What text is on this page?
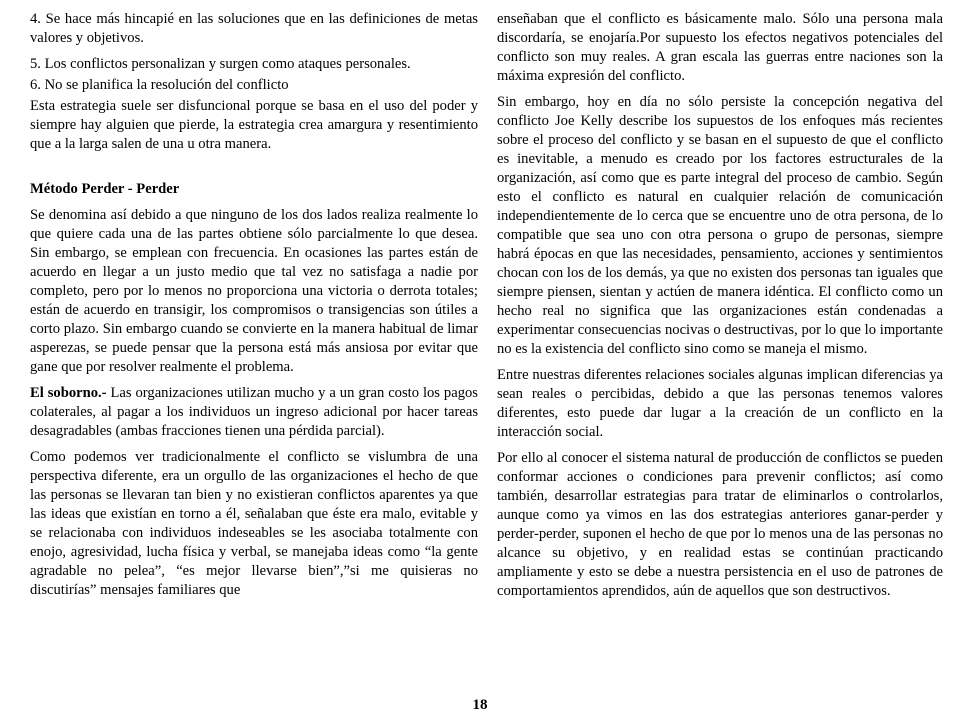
4. Se hace más hincapié en las soluciones que en las definiciones de metas valores y objetivos.

5. Los conflictos personalizan y surgen como ataques personales.

6. No se planifica la resolución del conflicto

Esta estrategia suele ser disfuncional porque se basa en el uso del poder y siempre hay alguien que pierde, la estrategia crea amargura y resentimiento que a la larga salen de una u otra manera.

Método Perder - Perder

Se denomina así debido a que ninguno de los dos lados realiza realmente lo que quiere cada una de las partes obtiene sólo parcialmente lo que desea. Sin embargo, se emplean con frecuencia. En ocasiones las partes están de acuerdo en llegar a un justo medio que tal vez no satisfaga a nadie por completo, pero por lo menos no proporciona una victoria o derrota totales; están de acuerdo en transigir, los compromisos o transigencias son útiles a corto plazo. Sin embargo cuando se convierte en la manera habitual de limar asperezas, se puede pensar que la persona está más ansiosa por evitar que gane que por resolver realmente el problema.

El soborno.- Las organizaciones utilizan mucho y a un gran costo los pagos colaterales, al pagar a los individuos un ingreso adicional por hacer tareas desagradables (ambas fracciones tienen una pérdida parcial).

Como podemos ver tradicionalmente el conflicto se vislumbra de una perspectiva diferente, era un orgullo de las organizaciones el hecho de que las personas se llevaran tan bien y no existieran conflictos aparentes ya que las ideas que existían en torno a él, señalaban que éste era malo, evitable y se relacionaba con individuos indeseables se les asociaba totalmente con enojo, agresividad, lucha física y verbal, se manejaba ideas como “la gente agradable no pelea”, “es mejor llevarse bien”,”si me quisieras no discutirías” mensajes familiares que

enseñaban que el conflicto es básicamente malo. Sólo una persona mala discordaría, se enojaría.Por supuesto los efectos negativos potenciales del conflicto son muy reales. A gran escala las guerras entre naciones son la máxima expresión del conflicto.

Sin embargo, hoy en día no sólo persiste la concepción negativa del conflicto Joe Kelly describe los supuestos de los enfoques más recientes sobre el proceso del conflicto y se basan en el supuesto de que el conflicto es inevitable, a menudo es creado por los factores estructurales de la organización, así como que es parte integral del proceso de cambio. Según esto el conflicto es natural en cualquier relación de comunicación independientemente de lo cerca que se encuentre uno de otra persona, de lo compatible que sea uno con otra persona o grupo de personas, siempre habrá épocas en que las necesidades, pensamiento, acciones y sentimientos chocan con los de los demás, ya que no existen dos personas tan iguales que siempre piensen, sientan y actúen de manera idéntica. El conflicto como un hecho real no significa que las organizaciones están condenadas a experimentar consecuencias nocivas o destructivas, por lo que lo importante no es la existencia del conflicto sino como se maneja el mismo.

Entre nuestras diferentes relaciones sociales algunas implican diferencias ya sean reales o percibidas, debido a que las personas tenemos valores diferentes, esto puede dar lugar a la creación de un conflicto en la interacción social.

Por ello al conocer el sistema natural de producción de conflictos se pueden conformar acciones o condiciones para prevenir conflictos; así como también, desarrollar estrategias para tratar de eliminarlos o controlarlos, aunque como ya vimos en las dos estrategias anteriores ganar-perder y perder-perder, suponen el hecho de que por lo menos una de las personas no alcance su objetivo, y en realidad estas se continúan practicando ampliamente y esto se debe a nuestra persistencia en el uso de patrones de comportamientos aprendidos, aún de aquellos que son destructivos.

18
